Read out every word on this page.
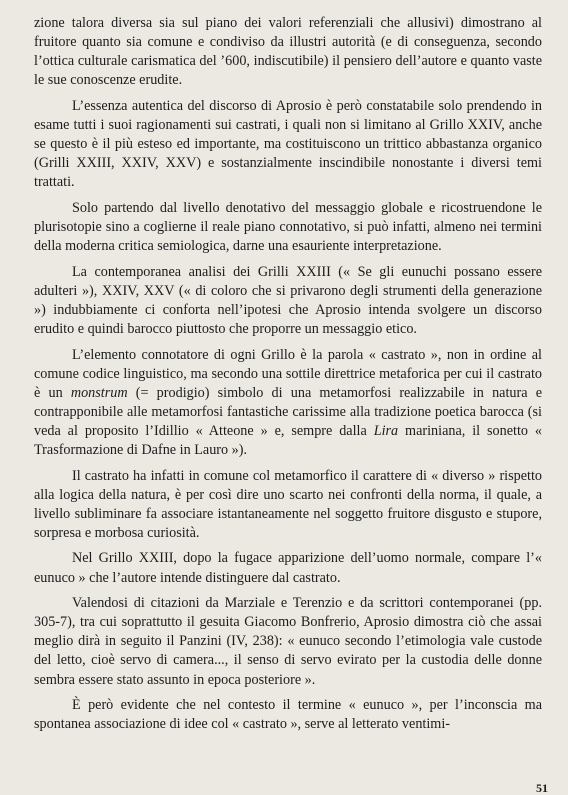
zione talora diversa sia sul piano dei valori referenziali che allusivi) dimostrano al fruitore quanto sia comune e condiviso da illustri autorità (e di conseguenza, secondo l’ottica culturale carismatica del ’600, indiscutibile) il pensiero dell’autore e quanto vaste le sue conoscenze erudite.

L’essenza autentica del discorso di Aprosio è però constatabile solo prendendo in esame tutti i suoi ragionamenti sui castrati, i quali non si limitano al Grillo XXIV, anche se questo è il più esteso ed importante, ma costituiscono un trittico abbastanza organico (Grilli XXIII, XXIV, XXV) e sostanzialmente inscindibile nonostante i diversi temi trattati.

Solo partendo dal livello denotativo del messaggio globale e ricostruendone le plurisotopie sino a coglierne il reale piano connotativo, si può infatti, almeno nei termini della moderna critica semiologica, darne una esauriente interpretazione.

La contemporanea analisi dei Grilli XXIII (« Se gli eunuchi possano essere adulteri »), XXIV, XXV (« di coloro che si privarono degli strumenti della generazione ») indubbiamente ci conforta nell’ipotesi che Aprosio intenda svolgere un discorso erudito e quindi barocco piuttosto che proporre un messaggio etico.

L’elemento connotatore di ogni Grillo è la parola « castrato », non in ordine al comune codice linguistico, ma secondo una sottile direttrice metaforica per cui il castrato è un monstrum (= prodigio) simbolo di una metamorfosi realizzabile in natura e contrapponibile alle metamorfosi fantastiche carissime alla tradizione poetica barocca (si veda al proposito l’Idillio « Atteone » e, sempre dalla Lira mariniana, il sonetto « Trasformazione di Dafne in Lauro »).

Il castrato ha infatti in comune col metamorfico il carattere di « diverso » rispetto alla logica della natura, è per così dire uno scarto nei confronti della norma, il quale, a livello subliminare fa associare istantaneamente nel soggetto fruitore disgusto e stupore, sorpresa e morbosa curiosità.

Nel Grillo XXIII, dopo la fugace apparizione dell’uomo normale, compare l’« eunuco » che l’autore intende distinguere dal castrato.

Valendosi di citazioni da Marziale e Terenzio e da scrittori contemporanei (pp. 305-7), tra cui soprattutto il gesuita Giacomo Bonfrerio, Aprosio dimostra ciò che assai meglio dirà in seguito il Panzini (IV, 238): « eunuco secondo l’etimologia vale custode del letto, cioè servo di camera..., il senso di servo evirato per la custodia delle donne sembra essere stato assunto in epoca posteriore ».

È però evidente che nel contesto il termine « eunuco », per l’inconscia ma spontanea associazione di idee col « castrato », serve al letterato ventimi-

51
